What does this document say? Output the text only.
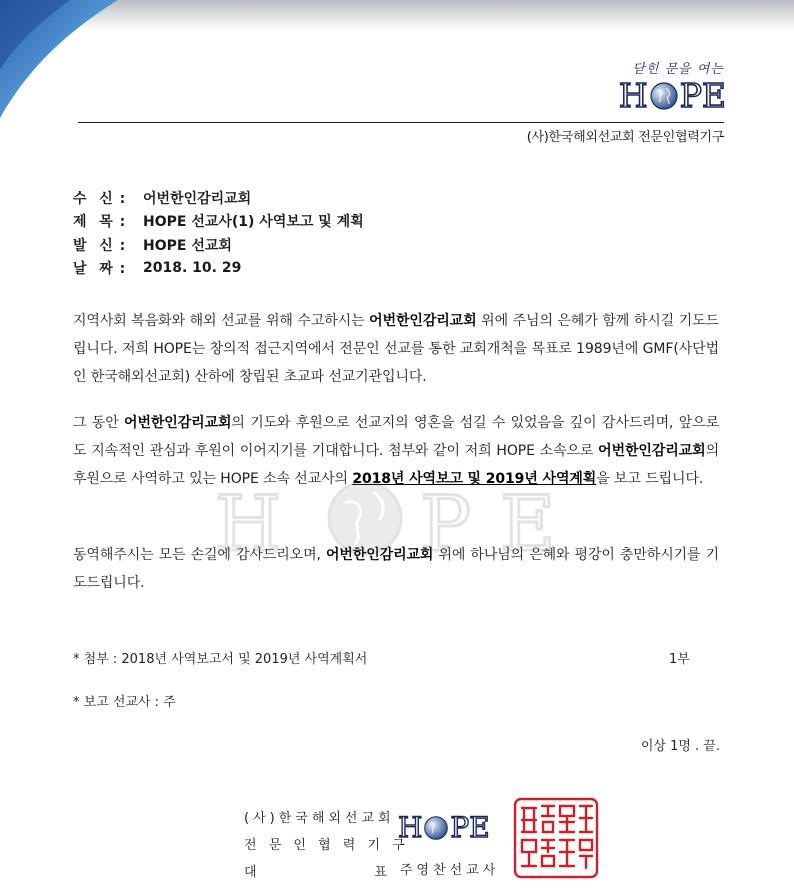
닫힌 문을 여는
H P E
(사)한국해외선교회 전문인협력기구
수  신 :	어번한인감리교회
제  목 :	HOPE 선교사(1) 사역보고 및 계획
발  신 :	HOPE 선교회
날  짜 :	2018. 10. 29

지역사회 복음화와 해외 선교를 위해 수고하시는 어번한인감리교회 위에 주님의 은혜가 함께 하시길 기도드립니다. 저희 HOPE는 창의적 접근지역에서 전문인 선교를 통한 교회개척을 목표로 1989년에 GMF(사단법인 한국해외선교회) 산하에 창립된 초교파 선교기관입니다.

그 동안 어번한인감리교회의 기도와 후원으로 선교지의 영혼을 섬길 수 있었음을 깊이 감사드리며, 앞으로도 지속적인 관심과 후원이 이어지기를 기대합니다. 첨부와 같이 저희 HOPE 소속으로 어번한인감리교회의 후원으로 사역하고 있는 HOPE 소속 선교사의 2018년 사역보고 및 2019년 사역계획을 보고 드립니다.

동역해주시는 모든 손길에 감사드리오며, 어번한인감리교회 위에 하나님의 은혜와 평강이 충만하시기를 기도드립니다.

H P E
* 첨부 : 2018년 사역보고서 및 2019년 사역계획서	1부
* 보고 선교사 : 주
이상 1명 . 끝.
(사)한국해외선교회
전 문 인 협 력 기 구
대              표
H P E
주영찬선교사
